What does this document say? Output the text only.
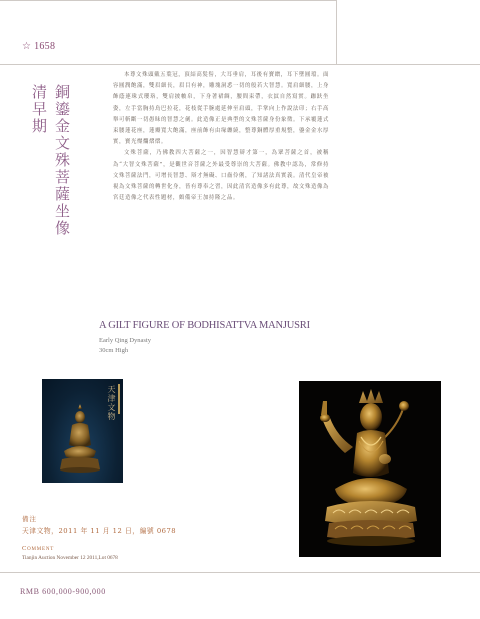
☆ 1658
銅鎏金文殊菩薩坐像
清早期

本尊文殊頭戴五葉冠，頂結高髮髻，大耳垂肩，耳後有寶繒，耳下墜圓璫。面容圓潤飽滿，雙眉細長，眉目有神，雕塊洞悉一切的般若大智慧。寬肩細腰，上身飾蔭連珠式瓔珞，雙肩披帔帛，下身著裙綢，腰間束帶，衣紋自然寫實。跏趺坐姿，左手當胸持鳥巴拉花，花枝從手腕處延伸至肩頭，手掌向上作說法印；右手高舉可斬斷一切愚昧的智慧之劍。此造像正是典型的文殊菩薩身份象徵。下承覆蓮式束腰蓮花座，蓮瓣寬大飽滿，座前飾有由缘纏繞，整尊銅體厚重規整，鎏金金水厚實，寶光燦爛熠熠。

文殊菩薩，乃佛教四大菩薩之一，因智慧辯才第一，為眾菩薩之首，被稱為“大智文殊菩薩”，是觀世音菩薩之外最受尊崇的大菩薩。佛教中認為，常修持文殊菩薩法門，可增長智慧、辯才無礙、口齒伶俐，了知諸法真實義。清代皇帝被視為文殊菩薩的轉世化身，皆有尊奉之習，因此清宮造像多有此尊，故文殊造像為宮廷造像之代表性題材，頗備帝王加持隆之品。

A GILT FIGURE OF BODHISATTVA MANJUSRI
Early Qing Dynasty
30cm High
天津文物
備注
天津文物，2011 年 11 月 12 日，編號 0678
Comment
Tianjin Auction November 12 2011,Lot 0678
RMB 600,000-900,000
